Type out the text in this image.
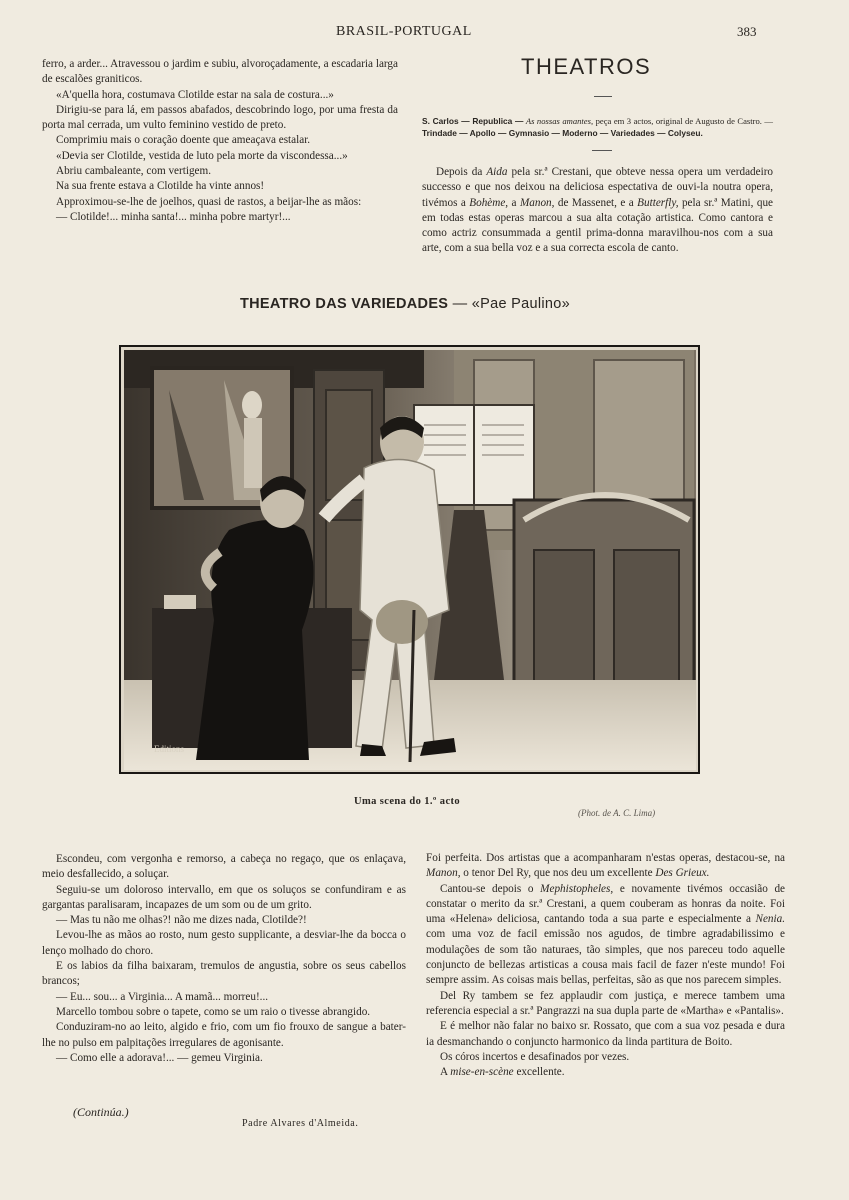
BRASIL-PORTUGAL	383

ferro, a arder... Atravessou o jardim e subiu, alvoroçadamente, a escadaria larga de escalões graniticos.

«A'quella hora, costumava Clotilde estar na sala de costura...»

Dirigiu-se para lá, em passos abafados, descobrindo logo, por uma fresta da porta mal cerrada, um vulto feminino vestido de preto.

Comprimiu mais o coração doente que ameaçava estalar.

«Devia ser Clotilde, vestida de luto pela morte da viscondessa...»

Abriu cambaleante, com vertigem.

Na sua frente estava a Clotilde ha vinte annos!

Approximou-se-lhe de joelhos, quasi de rastos, a beijar-lhe as mãos:

— Clotilde!... minha santa!... minha pobre martyr!...

THEATROS
S. Carlos — Republica — As nossas amantes, peça em 3 actos, original de Augusto de Castro. — Trindade — Apollo — Gymnasio — Moderno — Variedades — Colyseu.

Depois da Aida pela sr.ª Crestani, que obteve nessa opera um verdadeiro successo e que nos deixou na deliciosa espectativa de ouvi-la noutra opera, tivémos a Bohème, a Manon, de Massenet, e a Butterfly, pela sr.ª Matini, que em todas estas operas marcou a sua alta cotação artistica. Como cantora e como actriz consummada a gentil prima-donna maravilhou-nos com a sua arte, com a sua bella voz e a sua correcta escola de canto.

THEATRO DAS VARIEDADES — «Pae Paulino»
Editions
Uma scena do 1.º acto
(Phot. de A. C. Lima)

Escondeu, com vergonha e remorso, a cabeça no regaço, que os enlaçava, meio desfallecido, a soluçar.

Seguiu-se um doloroso intervallo, em que os soluços se confundiram e as gargantas paralisaram, incapazes de um som ou de um grito.

— Mas tu não me olhas?! não me dizes nada, Clotilde?!

Levou-lhe as mãos ao rosto, num gesto supplicante, a desviar-lhe da bocca o lenço molhado do choro.

E os labios da filha baixaram, tremulos de angustia, sobre os seus cabellos brancos;

— Eu... sou... a Virginia... A mamã... morreu!...

Marcello tombou sobre o tapete, como se um raio o tivesse abrangido.

Conduziram-no ao leito, algido e frio, com um fio frouxo de sangue a bater-lhe no pulso em palpitações irregulares de agonisante.

— Como elle a adorava!... — gemeu Virginia.

(Continúa.)
Padre Alvares d'Almeida.

Foi perfeita. Dos artistas que a acompanharam n'estas operas, destacou-se, na Manon, o tenor Del Ry, que nos deu um excellente Des Grieux.

Cantou-se depois o Mephistopheles, e novamente tivémos occasião de constatar o merito da sr.ª Crestani, a quem couberam as honras da noite. Foi uma «Helena» deliciosa, cantando toda a sua parte e especialmente a Nenia. com uma voz de facil emissão nos agudos, de timbre agradabilissimo e modulações de som tão naturaes, tão simples, que nos pareceu todo aquelle conjuncto de bellezas artisticas a cousa mais facil de fazer n'este mundo! Foi sempre assim. As coisas mais bellas, perfeitas, são as que nos parecem simples.

Del Ry tambem se fez applaudir com justiça, e merece tambem uma referencia especial a sr.ª Pangrazzi na sua dupla parte de «Martha» e «Pantalis».

E é melhor não falar no baixo sr. Rossato, que com a sua voz pesada e dura ia desmanchando o conjuncto harmonico da linda partitura de Boito.

Os córos incertos e desafinados por vezes.

A mise-en-scène excellente.
